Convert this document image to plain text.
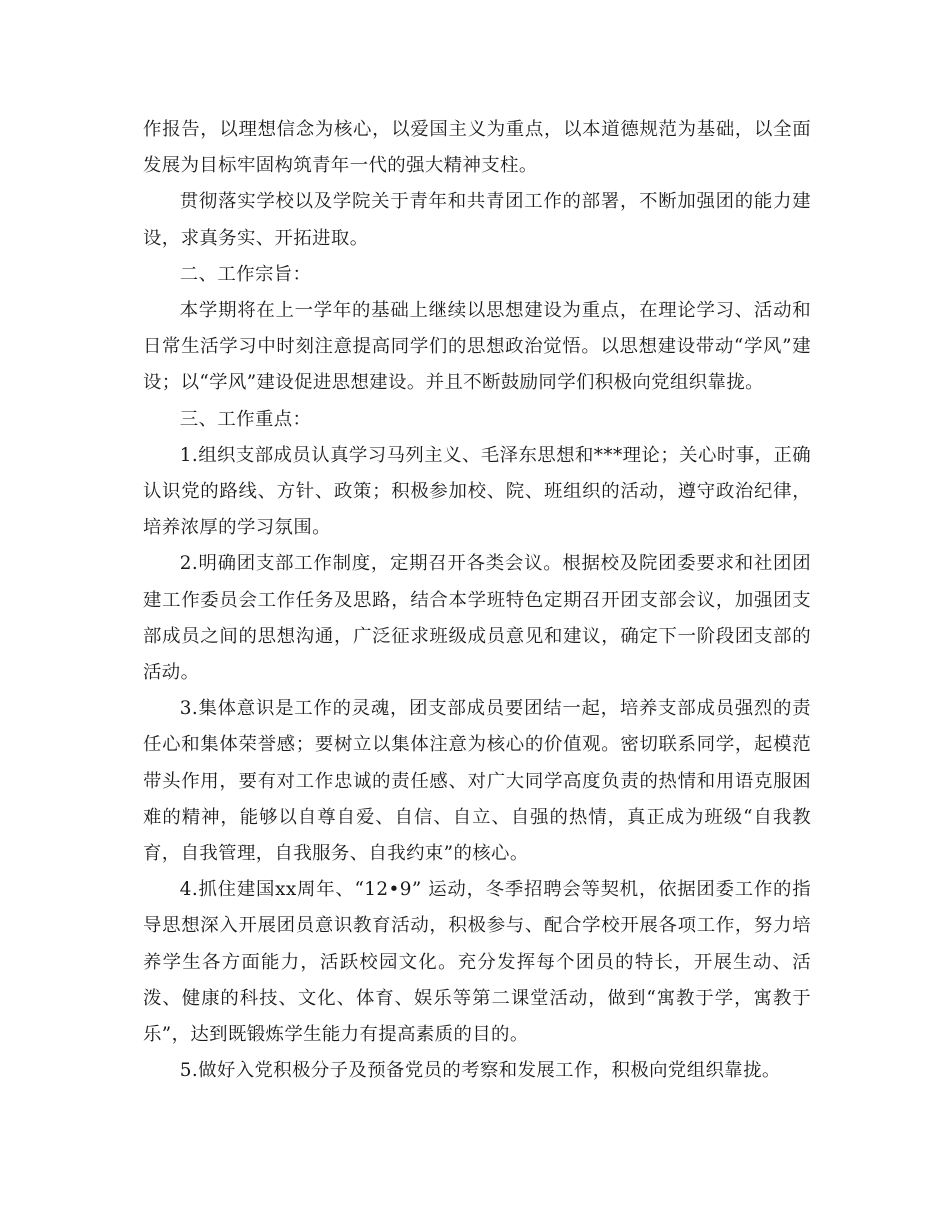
作报告，以理想信念为核心，以爱国主义为重点，以本道德规范为基础，以全面发展为目标牢固构筑青年一代的强大精神支柱。

贯彻落实学校以及学院关于青年和共青团工作的部署，不断加强团的能力建设，求真务实、开拓进取。

二、工作宗旨：

本学期将在上一学年的基础上继续以思想建设为重点，在理论学习、活动和日常生活学习中时刻注意提高同学们的思想政治觉悟。以思想建设带动“学风”建设；以“学风”建设促进思想建设。并且不断鼓励同学们积极向党组织靠拢。

三、工作重点：

1.组织支部成员认真学习马列主义、毛泽东思想和***理论；关心时事，正确认识党的路线、方针、政策；积极参加校、院、班组织的活动，遵守政治纪律，培养浓厚的学习氛围。

2.明确团支部工作制度，定期召开各类会议。根据校及院团委要求和社团团建工作委员会工作任务及思路，结合本学班特色定期召开团支部会议，加强团支部成员之间的思想沟通，广泛征求班级成员意见和建议，确定下一阶段团支部的活动。

3.集体意识是工作的灵魂，团支部成员要团结一起，培养支部成员强烈的责任心和集体荣誉感；要树立以集体注意为核心的价值观。密切联系同学，起模范带头作用，要有对工作忠诚的责任感、对广大同学高度负责的热情和用语克服困难的精神，能够以自尊自爱、自信、自立、自强的热情，真正成为班级“自我教育，自我管理，自我服务、自我约束”的核心。

4.抓住建国xx周年、“12•9” 运动，冬季招聘会等契机，依据团委工作的指导思想深入开展团员意识教育活动，积极参与、配合学校开展各项工作，努力培养学生各方面能力，活跃校园文化。充分发挥每个团员的特长，开展生动、活泼、健康的科技、文化、体育、娱乐等第二课堂活动，做到“寓教于学，寓教于乐”，达到既锻炼学生能力有提高素质的目的。

5.做好入党积极分子及预备党员的考察和发展工作，积极向党组织靠拢。
